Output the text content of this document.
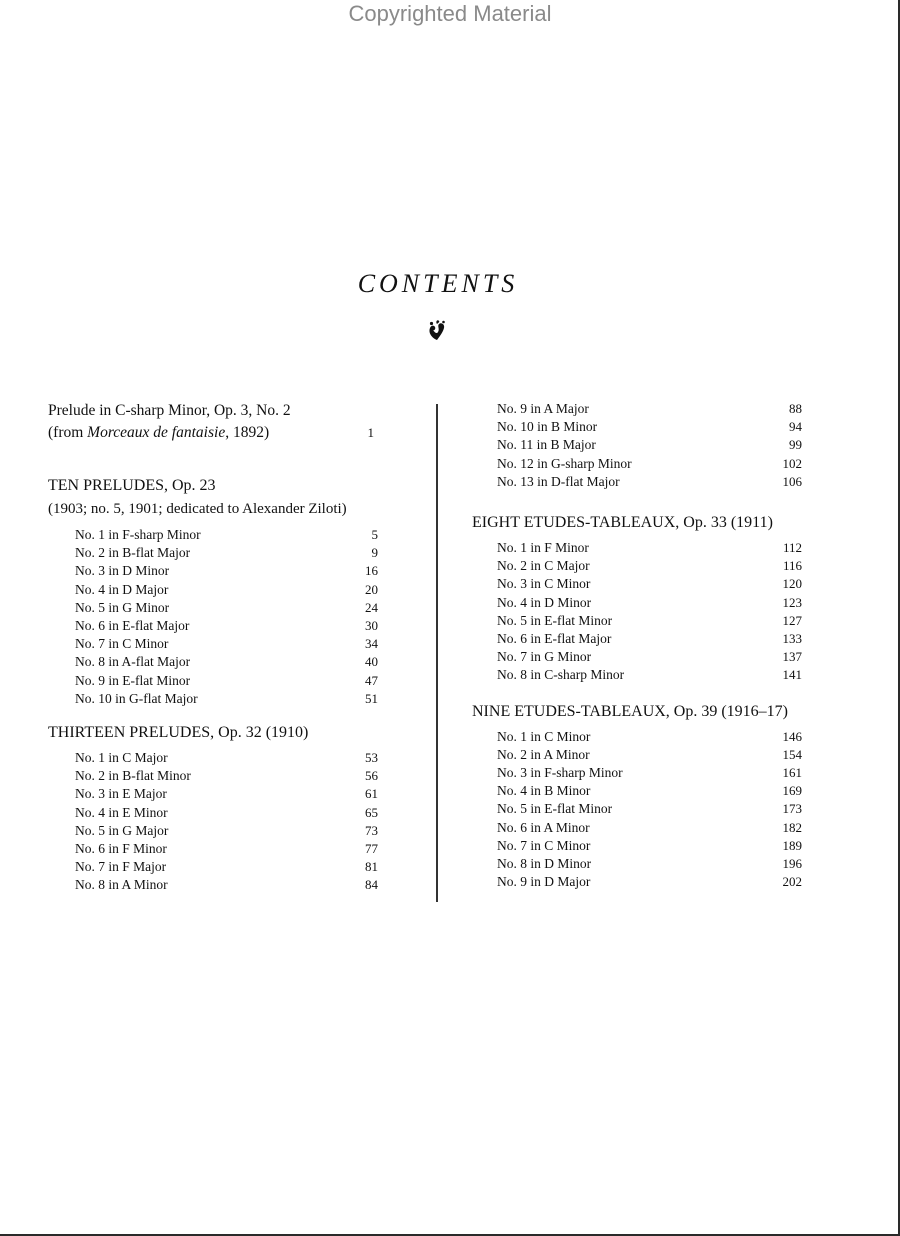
Copyrighted Material
CONTENTS
Prelude in C-sharp Minor, Op. 3, No. 2
(from Morceaux de fantaisie, 1892)	1
TEN PRELUDES, Op. 23
(1903; no. 5, 1901; dedicated to Alexander Ziloti)
No. 1 in F-sharp Minor	5
No. 2 in B-flat Major	9
No. 3 in D Minor	16
No. 4 in D Major	20
No. 5 in G Minor	24
No. 6 in E-flat Major	30
No. 7 in C Minor	34
No. 8 in A-flat Major	40
No. 9 in E-flat Minor	47
No. 10 in G-flat Major	51
THIRTEEN PRELUDES, Op. 32 (1910)
No. 1 in C Major	53
No. 2 in B-flat Minor	56
No. 3 in E Major	61
No. 4 in E Minor	65
No. 5 in G Major	73
No. 6 in F Minor	77
No. 7 in F Major	81
No. 8 in A Minor	84
No. 9 in A Major	88
No. 10 in B Minor	94
No. 11 in B Major	99
No. 12 in G-sharp Minor	102
No. 13 in D-flat Major	106
EIGHT ETUDES-TABLEAUX, Op. 33 (1911)
No. 1 in F Minor	112
No. 2 in C Major	116
No. 3 in C Minor	120
No. 4 in D Minor	123
No. 5 in E-flat Minor	127
No. 6 in E-flat Major	133
No. 7 in G Minor	137
No. 8 in C-sharp Minor	141
NINE ETUDES-TABLEAUX, Op. 39 (1916–17)
No. 1 in C Minor	146
No. 2 in A Minor	154
No. 3 in F-sharp Minor	161
No. 4 in B Minor	169
No. 5 in E-flat Minor	173
No. 6 in A Minor	182
No. 7 in C Minor	189
No. 8 in D Minor	196
No. 9 in D Major	202
